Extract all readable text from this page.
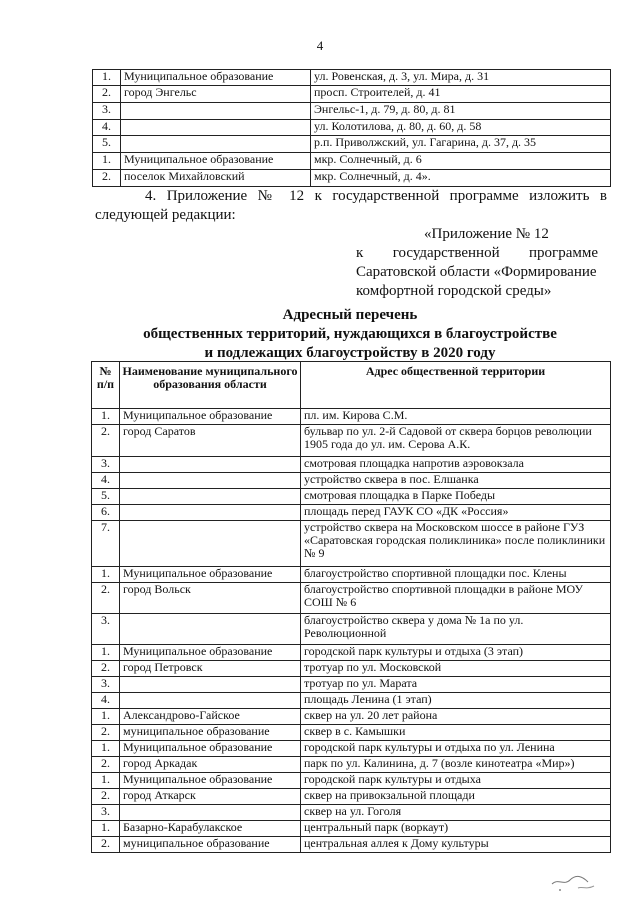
4
1.	Муниципальное образование	ул. Ровенская, д. 3, ул. Мира, д. 31
2.	город Энгельс	просп. Строителей, д. 41
3.		Энгельс-1, д. 79, д. 80, д. 81
4.		ул. Колотилова, д. 80, д. 60, д. 58
5.		р.п. Приволжский, ул. Гагарина, д. 37, д. 35
1.	Муниципальное образование	мкр. Солнечный, д. 6
2.	поселок Михайловский	мкр. Солнечный, д. 4».
4. Приложение № 12 к государственной программе изложить в следующей редакции:
«Приложение № 12
к государственной программе
Саратовской области «Формирование
комфортной городской среды»
Адресный перечень
общественных территорий, нуждающихся в благоустройстве
и подлежащих благоустройству в 2020 году
№ п/п	Наименование муниципального образования области	Адрес общественной территории
1.	Муниципальное образование	пл. им. Кирова С.М.
2.	город Саратов	бульвар по ул. 2-й Садовой от сквера борцов революции 1905 года до ул. им. Серова А.К.
3.		смотровая площадка напротив аэровокзала
4.		устройство сквера в пос. Елшанка
5.		смотровая площадка в Парке Победы
6.		площадь перед ГАУК СО «ДК «Россия»
7.		устройство сквера на Московском шоссе в районе ГУЗ «Саратовская городская поликлиника» после поликлиники № 9
1.	Муниципальное образование	благоустройство спортивной площадки пос. Клены
2.	город Вольск	благоустройство спортивной площадки в районе МОУ СОШ № 6
3.		благоустройство сквера у дома № 1а по ул. Революционной
1.	Муниципальное образование	городской парк культуры и отдыха (3 этап)
2.	город Петровск	тротуар по ул. Московской
3.		тротуар по ул. Марата
4.		площадь Ленина (1 этап)
1.	Александрово-Гайское	сквер на ул. 20 лет района
2.	муниципальное образование	сквер в с. Камышки
1.	Муниципальное образование	городской парк культуры и отдыха по ул. Ленина
2.	город Аркадак	парк по ул. Калинина, д. 7 (возле кинотеатра «Мир»)
1.	Муниципальное образование	городской парк культуры и отдыха
2.	город Аткарск	сквер на привокзальной площади
3.		сквер на ул. Гоголя
1.	Базарно-Карабулакское	центральный парк (воркаут)
2.	муниципальное образование	центральная аллея к Дому культуры
